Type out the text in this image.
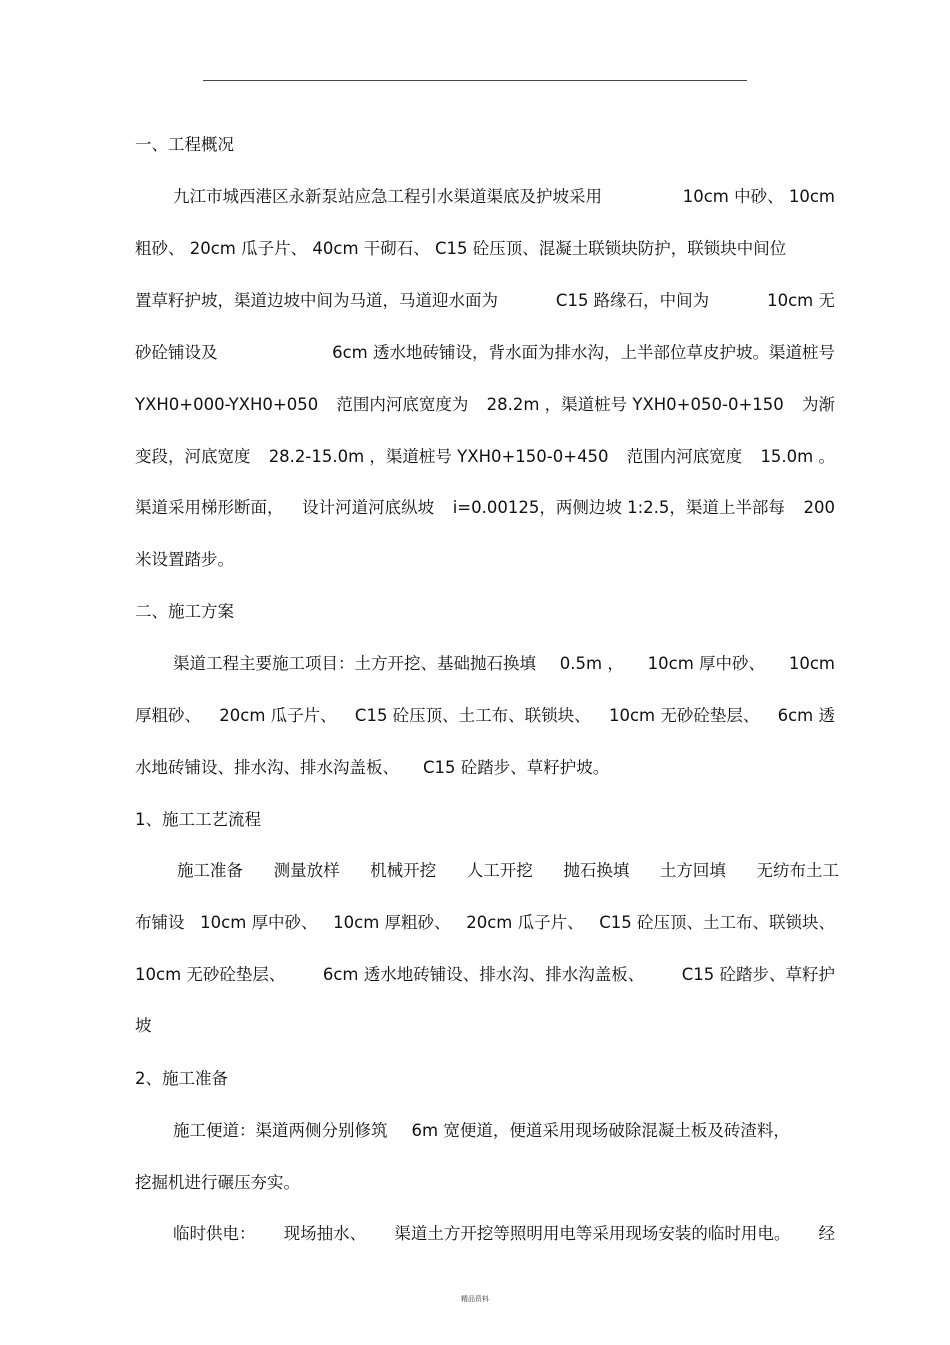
一、工程概况
九江市城西港区永新泵站应急工程引水渠道渠底及护坡采用	10cm 中砂、 10cm
粗砂、 20cm 瓜子片、 40cm 干砌石、 C15 砼压顶、混凝土联锁块防护，联锁块中间位
置草籽护坡，渠道边坡中间为马道，马道迎水面为	C15 路缘石，中间为	10cm 无
砂砼铺设及	6cm 透水地砖铺设，背水面为排水沟，上半部位草皮护坡。渠道桩号
YXH0+000-YXH0+050 范围内河底宽度为 28.2m ，渠道桩号 YXH0+050-0+150 为渐
变段，河底宽度 28.2-15.0m ，渠道桩号 YXH0+150-0+450 范围内河底宽度 15.0m 。
渠道采用梯形断面， 设计河道河底纵坡 i=0.00125，两侧边坡 1:2.5，渠道上半部每 200
米设置踏步。
二、施工方案
渠道工程主要施工项目：土方开挖、基础抛石换填 0.5m ， 10cm 厚中砂、 10cm
厚粗砂、 20cm 瓜子片、 C15 砼压顶、土工布、联锁块、 10cm 无砂砼垫层、 6cm 透
水地砖铺设、排水沟、排水沟盖板、 C15 砼踏步、草籽护坡。
1、施工工艺流程
施工准备 测量放样 机械开挖 人工开挖 抛石换填 土方回填 无纺布土工
布铺设 10cm 厚中砂、 10cm 厚粗砂、 20cm 瓜子片、 C15 砼压顶、土工布、联锁块、
10cm 无砂砼垫层、 6cm 透水地砖铺设、排水沟、排水沟盖板、 C15 砼踏步、草籽护
坡
2、施工准备
施工便道：渠道两侧分别修筑 6m 宽便道，便道采用现场破除混凝土板及砖渣料，
挖掘机进行碾压夯实。
临时供电： 现场抽水、 渠道土方开挖等照明用电等采用现场安装的临时用电。 经
精品资料
